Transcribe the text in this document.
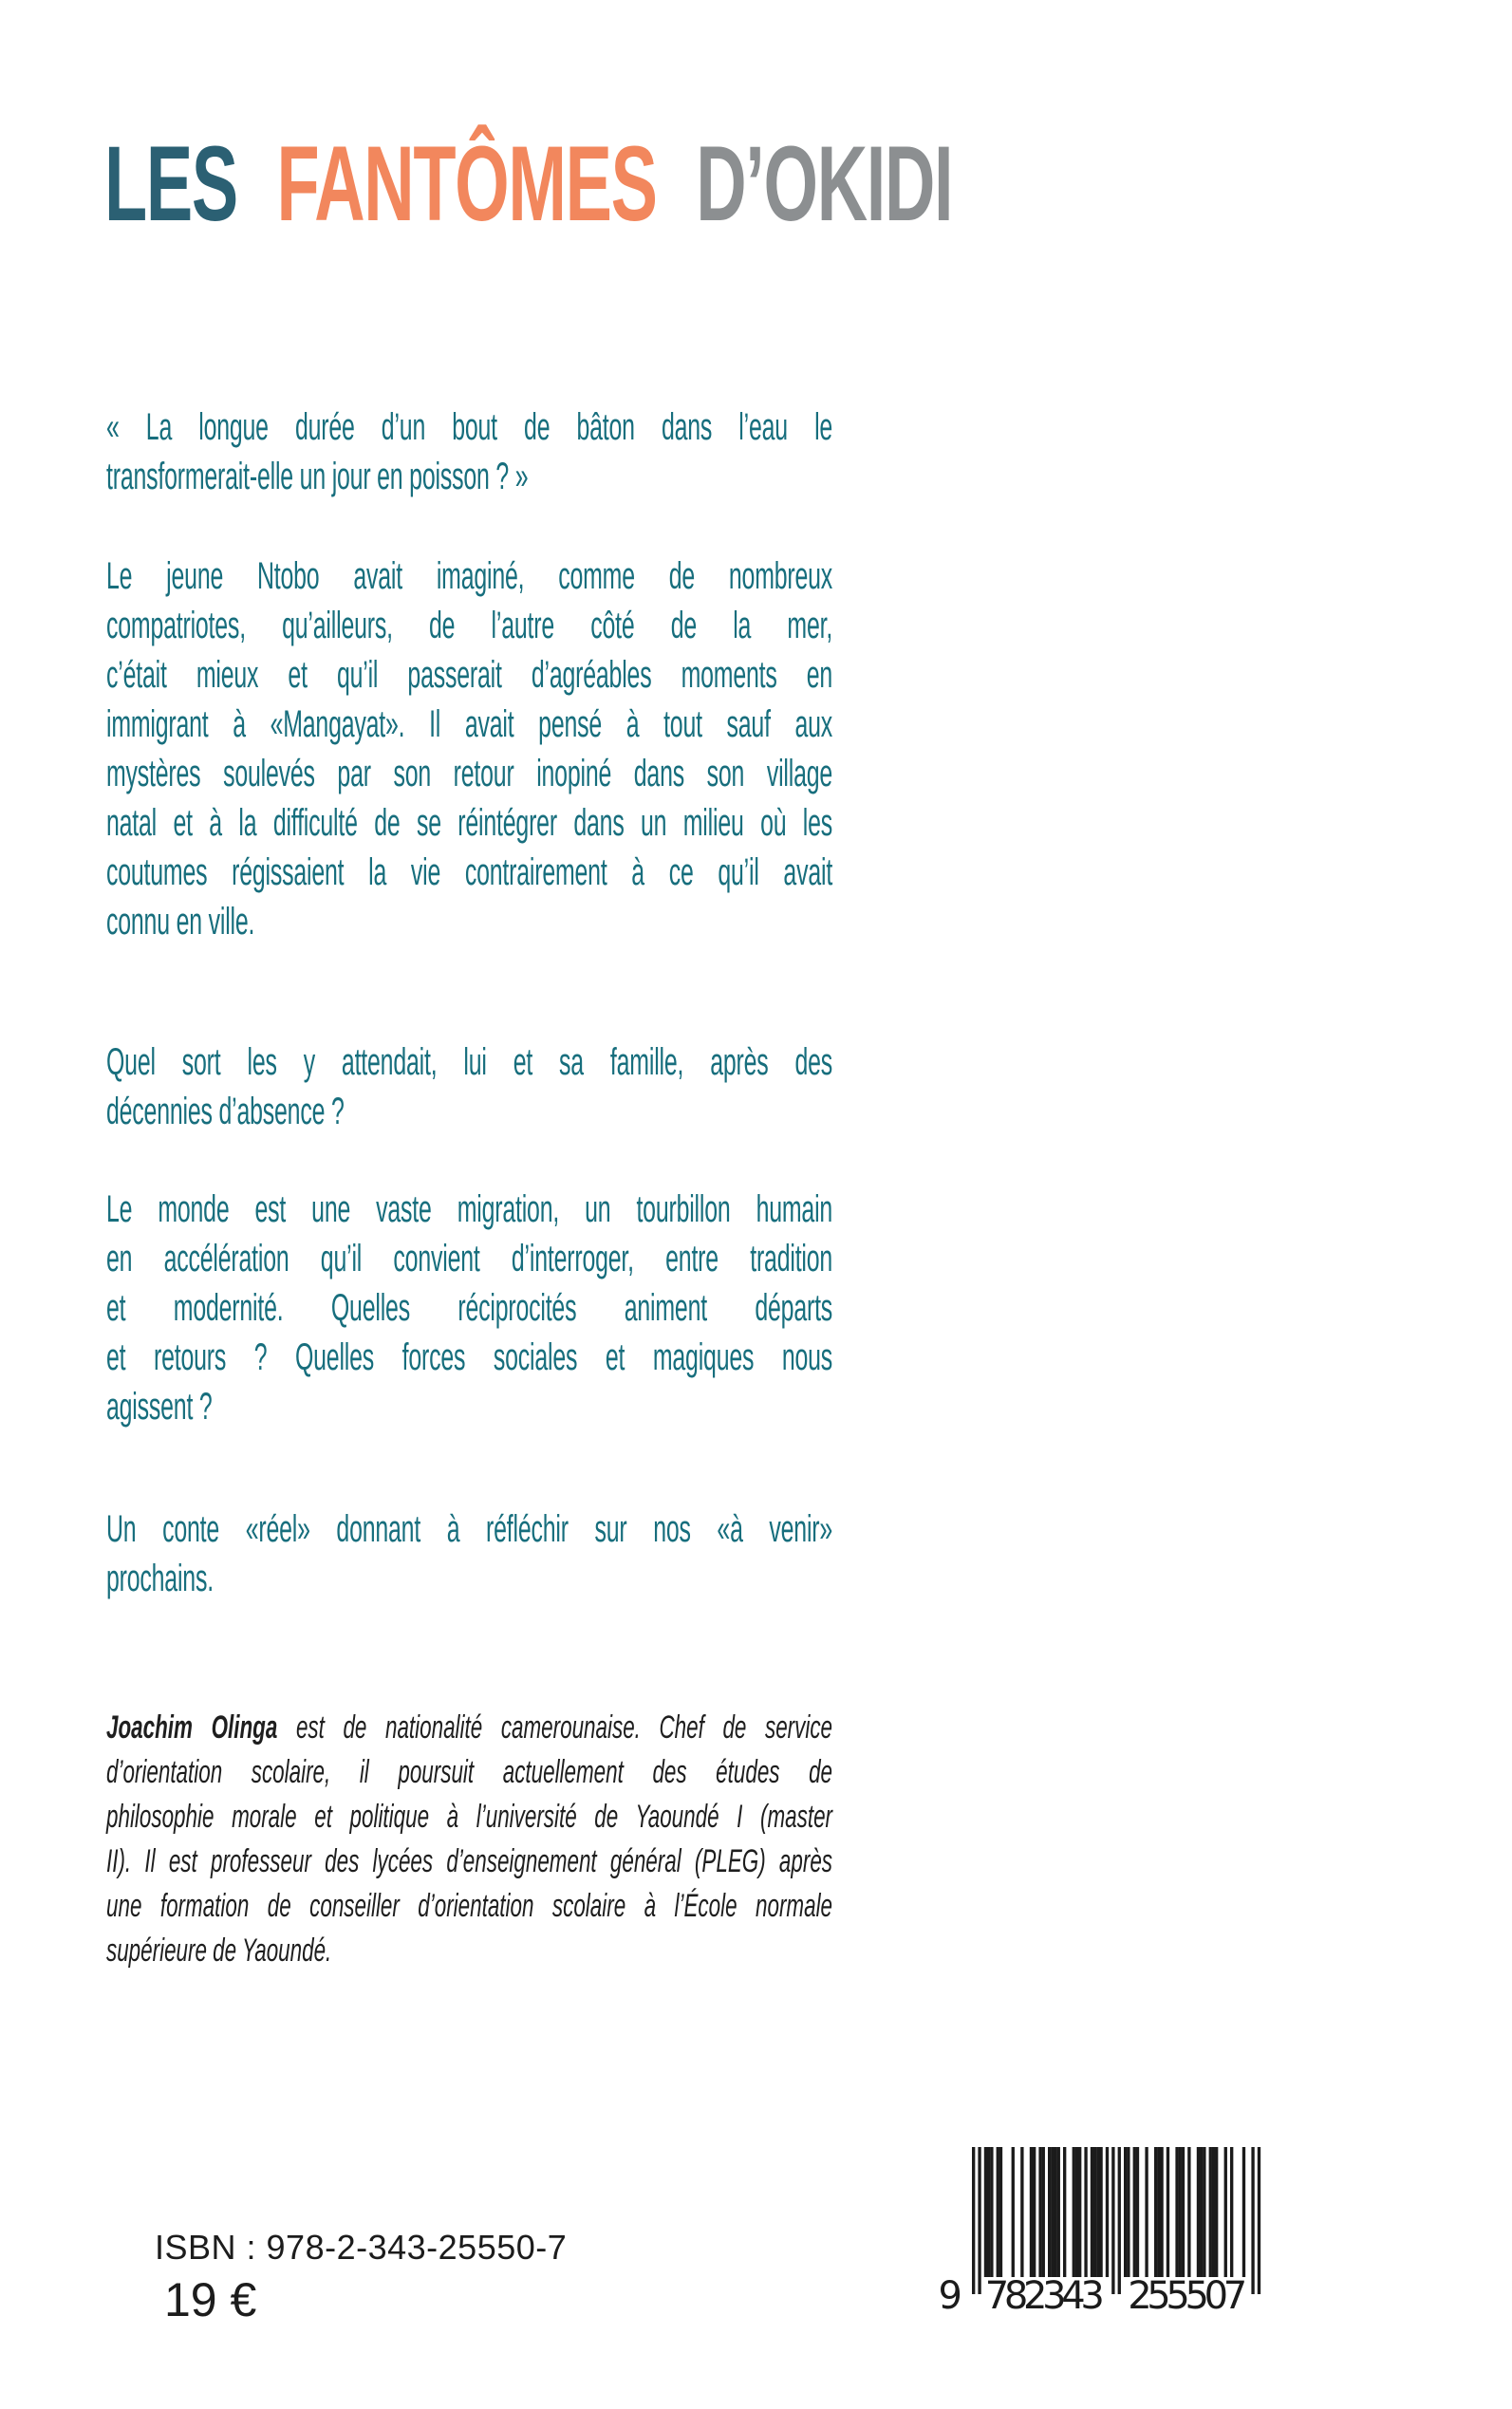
LES FANTÔMES D’OKIDI
« La longue durée d’un bout de bâton dans l’eau le
transformerait-elle un jour en poisson ? »
Le jeune Ntobo avait imaginé, comme de nombreux
compatriotes, qu’ailleurs, de l’autre côté de la mer,
c’était mieux et qu’il passerait d’agréables moments en
immigrant à «Mangayat». Il avait pensé à tout sauf aux
mystères soulevés par son retour inopiné dans son village
natal et à la difficulté de se réintégrer dans un milieu où les
coutumes régissaient la vie contrairement à ce qu’il avait
connu en ville.
Quel sort les y attendait, lui et sa famille, après des
décennies d’absence ?
Le monde est une vaste migration, un tourbillon humain
en accélération qu’il convient d’interroger, entre tradition
et modernité. Quelles réciprocités animent départs
et retours ? Quelles forces sociales et magiques nous
agissent ?
Un conte «réel» donnant à réfléchir sur nos «à venir»
prochains.
Joachim Olinga est de nationalité camerounaise. Chef de service
d’orientation scolaire, il poursuit actuellement des études de
philosophie morale et politique à l’université de Yaoundé I (master
II). Il est professeur des lycées d’enseignement général (PLEG) après
une formation de conseiller d’orientation scolaire à l’École normale
supérieure de Yaoundé.
ISBN : 978-2-343-25550-7
19 €	9 782343 255507
